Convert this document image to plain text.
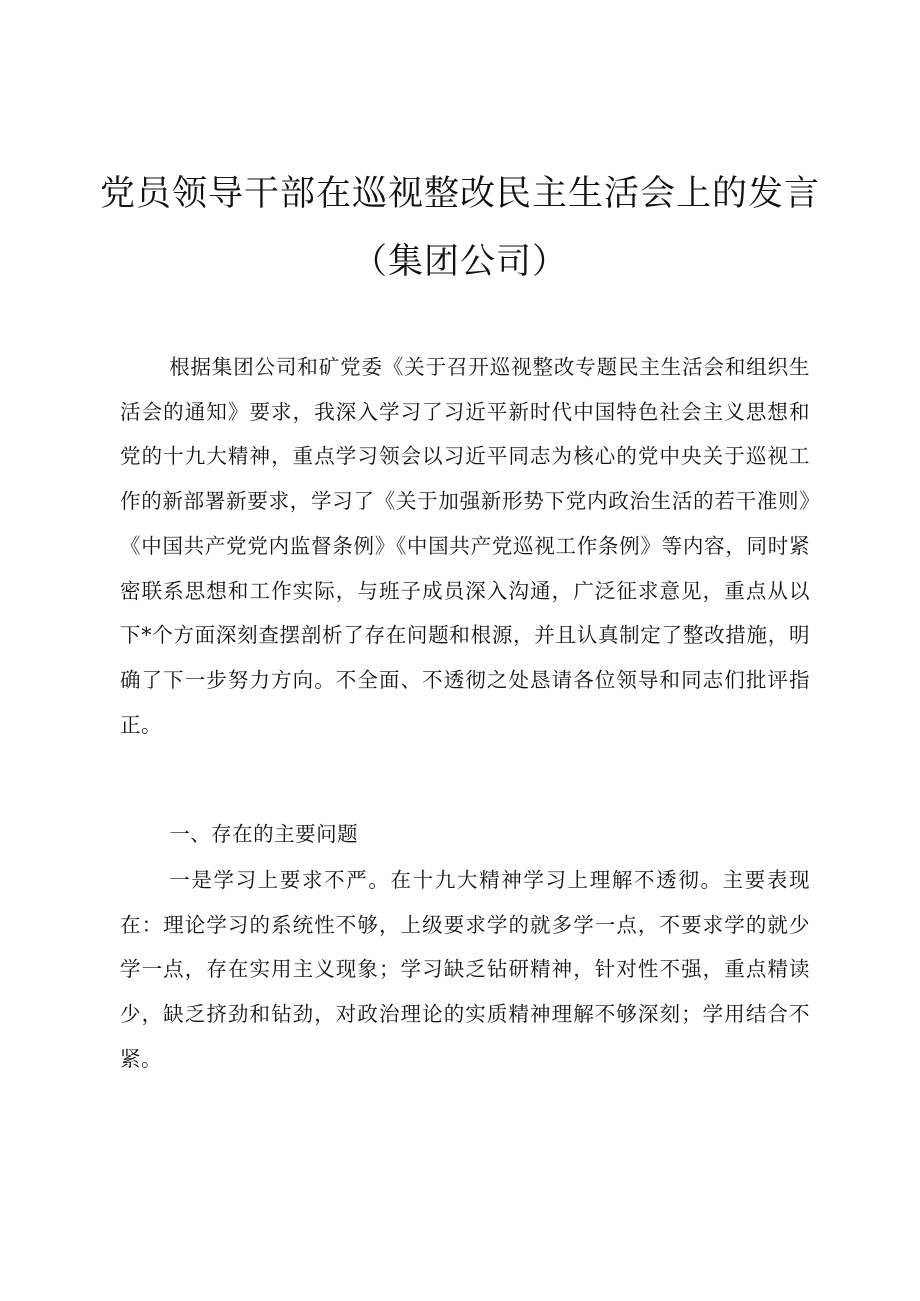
党员领导干部在巡视整改民主生活会上的发言
（集团公司）

根据集团公司和矿党委《关于召开巡视整改专题民主生活会和组织生活会的通知》要求，我深入学习了习近平新时代中国特色社会主义思想和党的十九大精神，重点学习领会以习近平同志为核心的党中央关于巡视工作的新部署新要求，学习了《关于加强新形势下党内政治生活的若干准则》《中国共产党党内监督条例》《中国共产党巡视工作条例》等内容，同时紧密联系思想和工作实际，与班子成员深入沟通，广泛征求意见，重点从以下*个方面深刻查摆剖析了存在问题和根源，并且认真制定了整改措施，明确了下一步努力方向。不全面、不透彻之处恳请各位领导和同志们批评指正。

一、存在的主要问题

一是学习上要求不严。在十九大精神学习上理解不透彻。主要表现在：理论学习的系统性不够，上级要求学的就多学一点，不要求学的就少学一点，存在实用主义现象；学习缺乏钻研精神，针对性不强，重点精读少，缺乏挤劲和钻劲，对政治理论的实质精神理解不够深刻；学用结合不紧。
